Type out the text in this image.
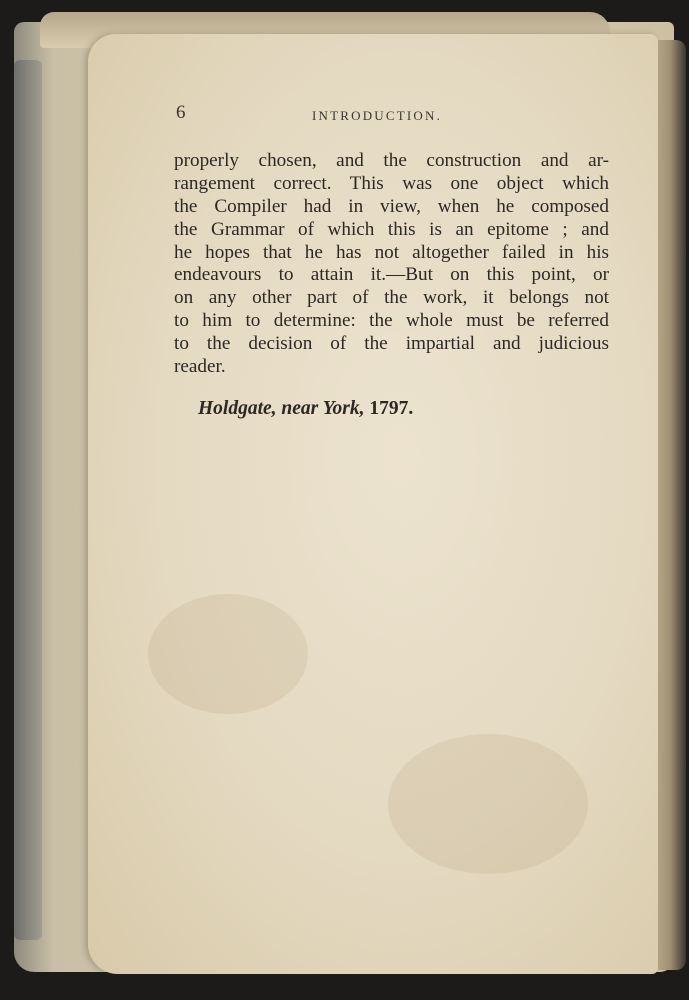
6	INTRODUCTION.

properly chosen, and the construction and ar-
rangement correct. This was one object which
the Compiler had in view, when he composed
the Grammar of which this is an epitome ; and
he hopes that he has not altogether failed in his
endeavours to attain it.—But on this point, or
on any other part of the work, it belongs not
to him to determine: the whole must be referred
to the decision of the impartial and judicious
reader.

Holdgate, near York, 1797.
